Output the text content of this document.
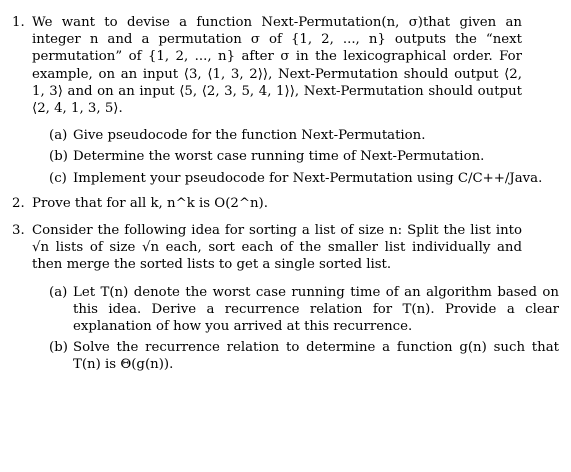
1. We want to devise a function Next-Permutation(n, σ)that given an integer n and a permutation σ of {1, 2, ..., n} outputs the “next permutation” of {1, 2, ..., n} after σ in the lexicographical order. For example, on an input ⟨3, ⟨1, 3, 2⟩⟩, Next-Permutation should output ⟨2, 1, 3⟩ and on an input ⟨5, ⟨2, 3, 5, 4, 1⟩⟩, Next-Permutation should output ⟨2, 4, 1, 3, 5⟩.
(a) Give pseudocode for the function Next-Permutation.
(b) Determine the worst case running time of Next-Permutation.
(c) Implement your pseudocode for Next-Permutation using C/C++/Java.
2. Prove that for all k, n^k is O(2^n).
3. Consider the following idea for sorting a list of size n: Split the list into √n lists of size √n each, sort each of the smaller list individually and then merge the sorted lists to get a single sorted list.
(a) Let T(n) denote the worst case running time of an algorithm based on this idea. Derive a recurrence relation for T(n). Provide a clear explanation of how you arrived at this recurrence.
(b) Solve the recurrence relation to determine a function g(n) such that T(n) is Θ(g(n)).
